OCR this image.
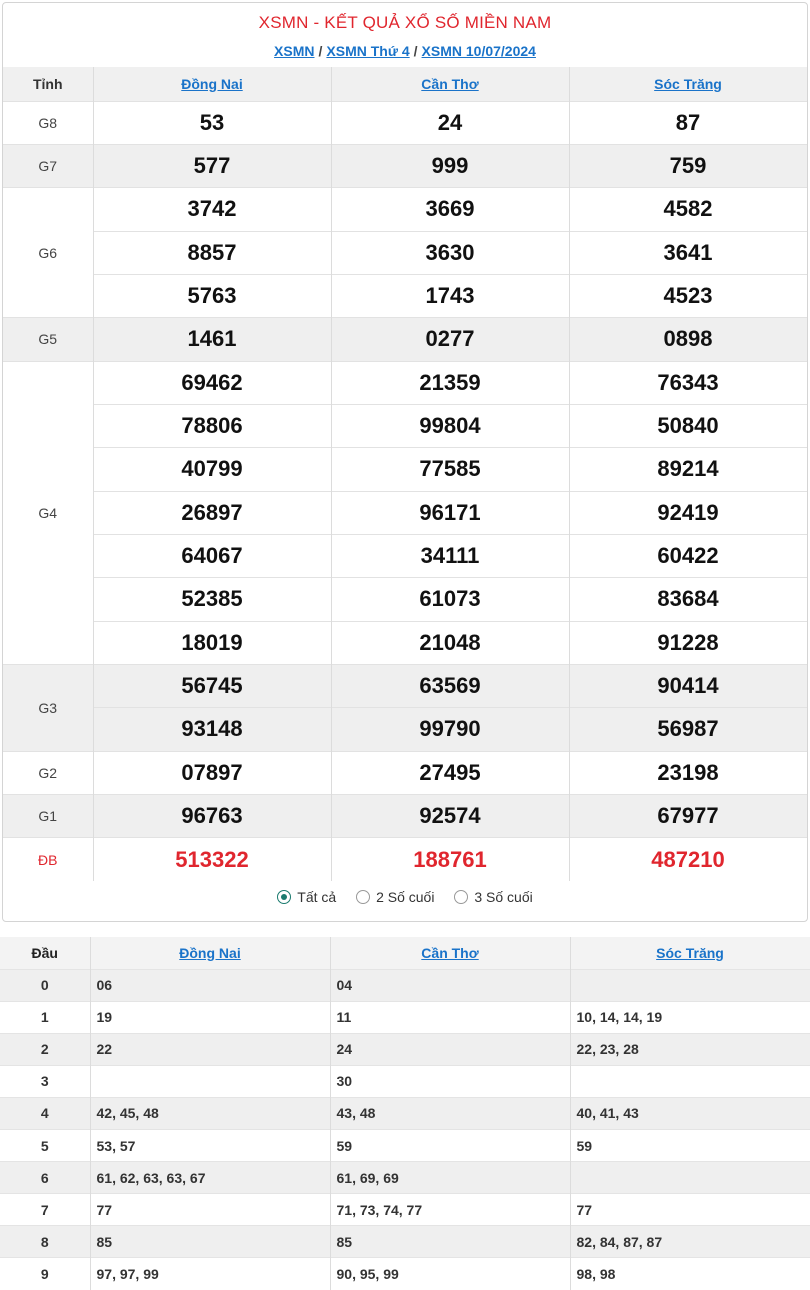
XSMN - KẾT QUẢ XỔ SỐ MIỀN NAM
XSMN / XSMN Thứ 4 / XSMN 10/07/2024
Tỉnh	Đồng Nai	Cần Thơ	Sóc Trăng
G8	53	24	87
G7	577	999	759
G6	3742	3669	4582
	8857	3630	3641
	5763	1743	4523
G5	1461	0277	0898
G4	69462	21359	76343
	78806	99804	50840
	40799	77585	89214
	26897	96171	92419
	64067	34111	60422
	52385	61073	83684
	18019	21048	91228
G3	56745	63569	90414
	93148	99790	56987
G2	07897	27495	23198
G1	96763	92574	67977
ĐB	513322	188761	487210
Tất cả
	2 Số cuối
	3 Số cuối
Đầu	Đồng Nai	Cần Thơ	Sóc Trăng
0	06	04	
1	19	11	10, 14, 14, 19
2	22	24	22, 23, 28
3		30	
4	42, 45, 48	43, 48	40, 41, 43
5	53, 57	59	59
6	61, 62, 63, 63, 67	61, 69, 69	
7	77	71, 73, 74, 77	77
8	85	85	82, 84, 87, 87
9	97, 97, 99	90, 95, 99	98, 98
